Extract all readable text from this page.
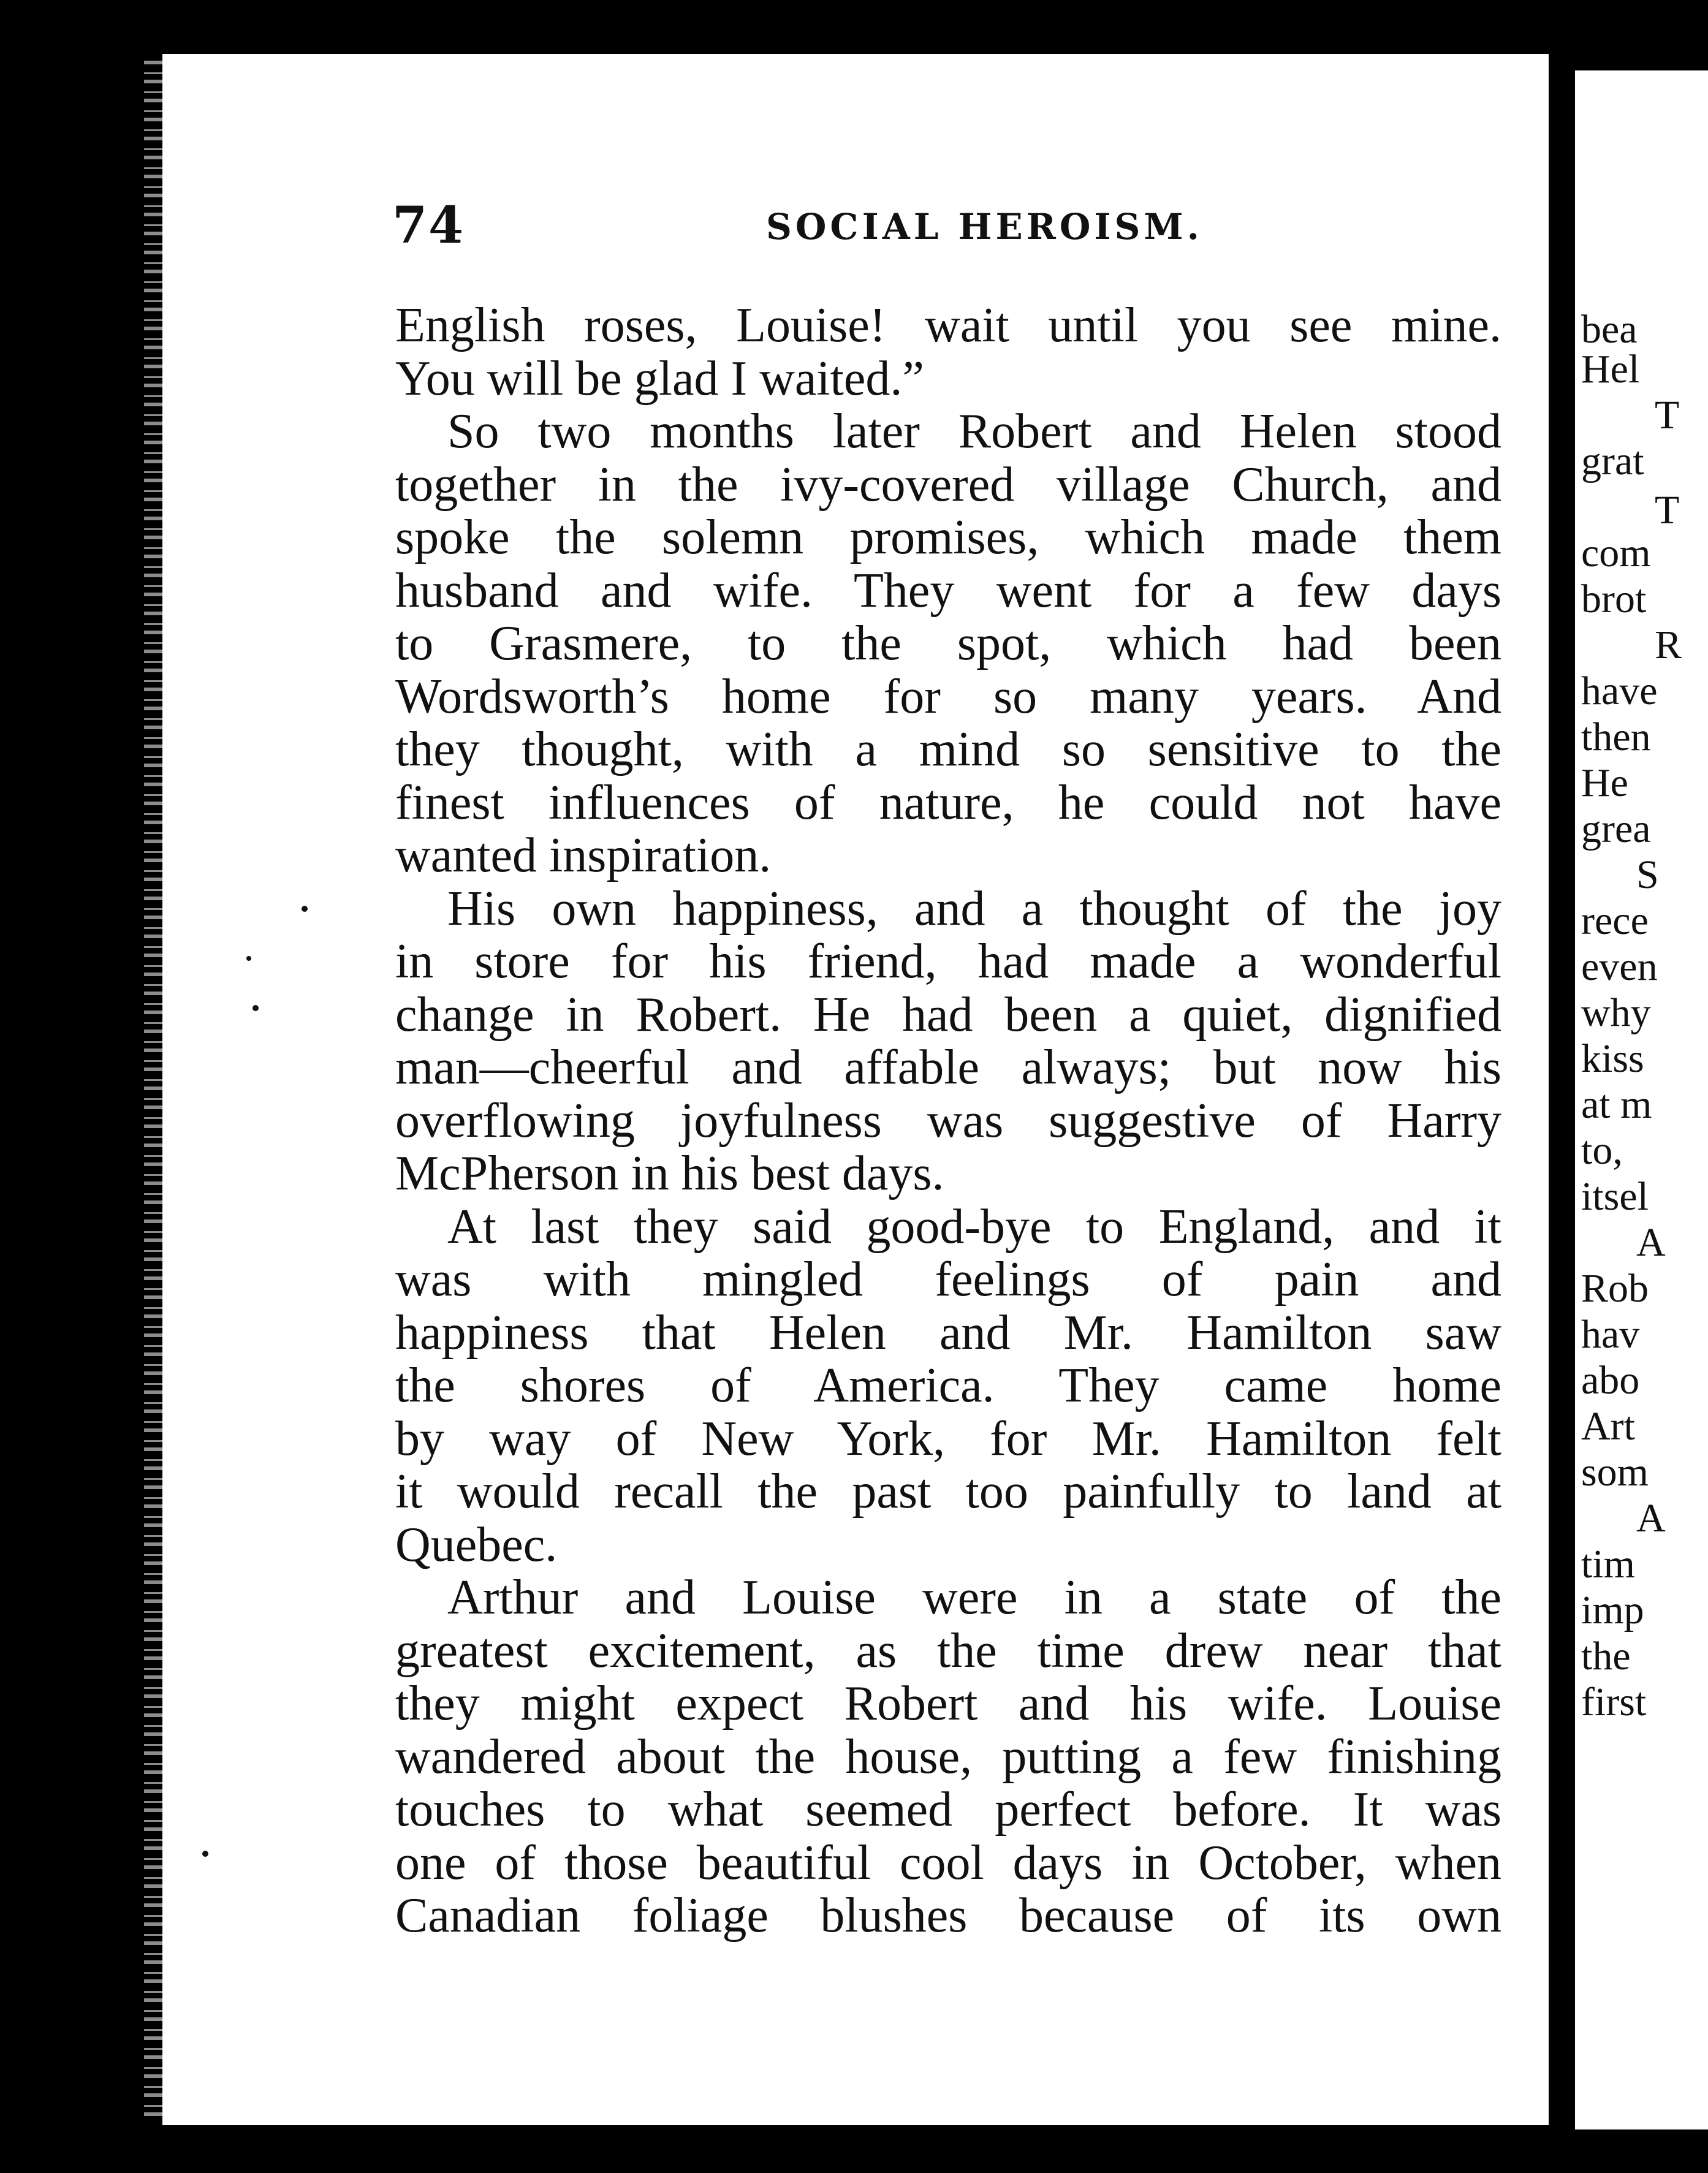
74	SOCIAL HEROISM.
English roses, Louise! wait until you see mine.
You will be glad I waited.”
So two months later Robert and Helen stood
together in the ivy-covered village Church, and
spoke the solemn promises, which made them
husband and wife. They went for a few days
to Grasmere, to the spot, which had been
Wordsworth’s home for so many years. And
they thought, with a mind so sensitive to the
finest influences of nature, he could not have
wanted inspiration.
His own happiness, and a thought of the joy
in store for his friend, had made a wonderful
change in Robert. He had been a quiet, dignified
man—cheerful and affable always; but now his
overflowing joyfulness was suggestive of Harry
McPherson in his best days.
At last they said good-bye to England, and it
was with mingled feelings of pain and
happiness that Helen and Mr. Hamilton saw
the shores of America. They came home
by way of New York, for Mr. Hamilton felt
it would recall the past too painfully to land at
Quebec.
Arthur and Louise were in a state of the
greatest excitement, as the time drew near that
they might expect Robert and his wife. Louise
wandered about the house, putting a few finishing
touches to what seemed perfect before. It was
one of those beautiful cool days in October, when
Canadian foliage blushes because of its own
bea
Hel
T
grat
T
com
brot
R
have
then
He
grea
S
rece
even
why
kiss
at m
to,
itsel
A
Rob
hav
abo
Art
som
A
tim
imp
the
first
